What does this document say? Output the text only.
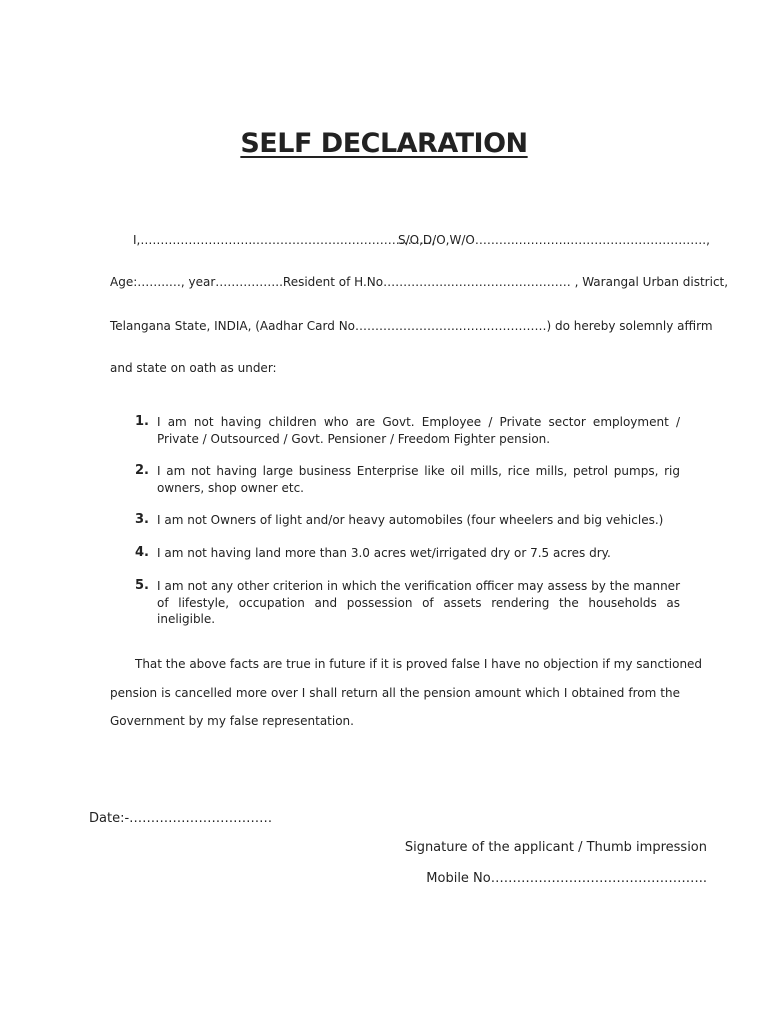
SELF DECLARATION
I,………………………..………………….………………….,
S/O,D/O,W/O……….…………..…………………………….,
Age:……..…, year……………..Resident of H.No……………..………………………… , Warangal Urban district,
Telangana State, INDIA, (Aadhar Card No……………………..…….……………) do hereby solemnly affirm
and state on oath as under:
1. I am not having children who are Govt. Employee / Private sector employment / Private / Outsourced / Govt. Pensioner / Freedom Fighter pension.
2. I am not having large business Enterprise like oil mills, rice mills, petrol pumps, rig owners, shop owner etc.
3. I am not Owners of light and/or heavy automobiles (four wheelers and big vehicles.)
4. I am not having land more than 3.0 acres wet/irrigated dry or 7.5 acres dry.
5. I am not any other criterion in which the verification officer may assess by the manner of lifestyle, occupation and possession of assets rendering the households as ineligible.
That the above facts are true in future if it is proved false I have no objection if my sanctioned
pension is cancelled more over I shall return all the pension amount which I obtained from the
Government by my false representation.
Date:-……………………………
Signature of the applicant / Thumb impression
Mobile No…………………………………………..
